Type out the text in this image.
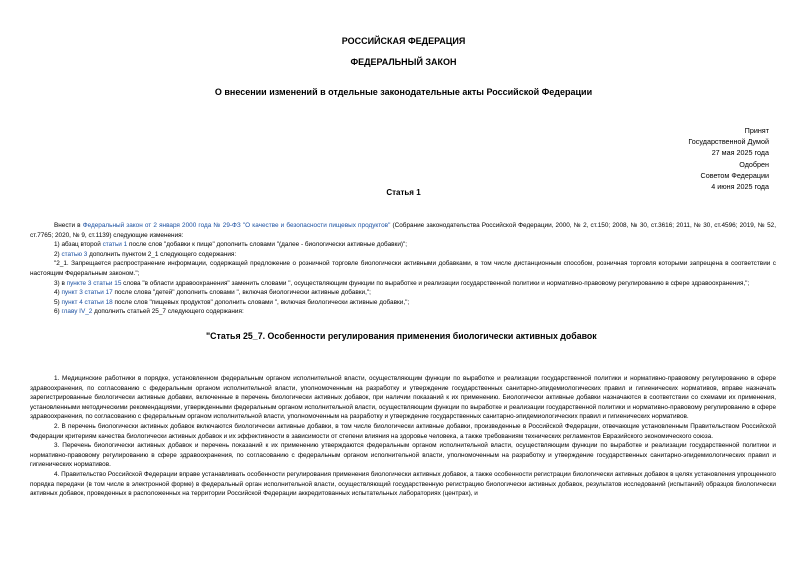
РОССИЙСКАЯ ФЕДЕРАЦИЯ
ФЕДЕРАЛЬНЫЙ ЗАКОН
О внесении изменений в отдельные законодательные акты Российской Федерации
Принят
Государственной Думой
27 мая 2025 года
Одобрен
Советом Федерации
4 июня 2025 года
Статья 1

Внести в Федеральный закон от 2 января 2000 года № 29-ФЗ "О качестве и безопасности пищевых продуктов" (Собрание законодательства Российской Федерации, 2000, № 2, ст.150; 2008, № 30, ст.3616; 2011, № 30, ст.4596; 2019, № 52, ст.7765; 2020, № 9, ст.1139) следующие изменения:

1) абзац второй статьи 1 после слов "добавки к пище" дополнить словами "(далее - биологически активные добавки)";

2) статью 3 дополнить пунктом 2_1 следующего содержания:

"2_1. Запрещается распространение информации, содержащей предложение о розничной торговле биологически активными добавками, в том числе дистанционным способом, розничная торговля которыми запрещена в соответствии с настоящим Федеральным законом.";

3) в пункте 3 статьи 15 слова "в области здравоохранения" заменить словами ", осуществляющим функции по выработке и реализации государственной политики и нормативно-правовому регулированию в сфере здравоохранения,";

4) пункт 3 статьи 17 после слова "детей" дополнить словами ", включая биологически активные добавки,";

5) пункт 4 статьи 18 после слов "пищевых продуктов" дополнить словами ", включая биологически активные добавки,";

6) главу IV_2 дополнить статьей 25_7 следующего содержания:

"Статья 25_7. Особенности регулирования применения биологически активных добавок

1. Медицинские работники в порядке, установленном федеральным органом исполнительной власти, осуществляющим функции по выработке и реализации государственной политики и нормативно-правовому регулированию в сфере здравоохранения, по согласованию с федеральным органом исполнительной власти, уполномоченным на разработку и утверждение государственных санитарно-эпидемиологических правил и гигиенических нормативов, вправе назначать зарегистрированные биологически активные добавки, включенные в перечень биологически активных добавок, при наличии показаний к их применению. Биологически активные добавки назначаются в соответствии со схемами их применения, установленными методическими рекомендациями, утвержденными федеральным органом исполнительной власти, осуществляющим функции по выработке и реализации государственной политики и нормативно-правовому регулированию в сфере здравоохранения, по согласованию с федеральным органом исполнительной власти, уполномоченным на разработку и утверждение государственных санитарно-эпидемиологических правил и гигиенических нормативов.

2. В перечень биологически активных добавок включаются биологически активные добавки, в том числе биологически активные добавки, произведенные в Российской Федерации, отвечающие установленным Правительством Российской Федерации критериям качества биологически активных добавок и их эффективности в зависимости от степени влияния на здоровье человека, а также требованиям технических регламентов Евразийского экономического союза.

3. Перечень биологически активных добавок и перечень показаний к их применению утверждаются федеральным органом исполнительной власти, осуществляющим функции по выработке и реализации государственной политики и нормативно-правовому регулированию в сфере здравоохранения, по согласованию с федеральным органом исполнительной власти, уполномоченным на разработку и утверждение государственных санитарно-эпидемиологических правил и гигиенических нормативов.

4. Правительство Российской Федерации вправе устанавливать особенности регулирования применения биологически активных добавок, а также особенности регистрации биологически активных добавок в целях установления упрощенного порядка передачи (в том числе в электронной форме) в федеральный орган исполнительной власти, осуществляющий государственную регистрацию биологически активных добавок, результатов исследований (испытаний) образцов биологически активных добавок, проведенных в расположенных на территории Российской Федерации аккредитованных испытательных лабораториях (центрах), и
